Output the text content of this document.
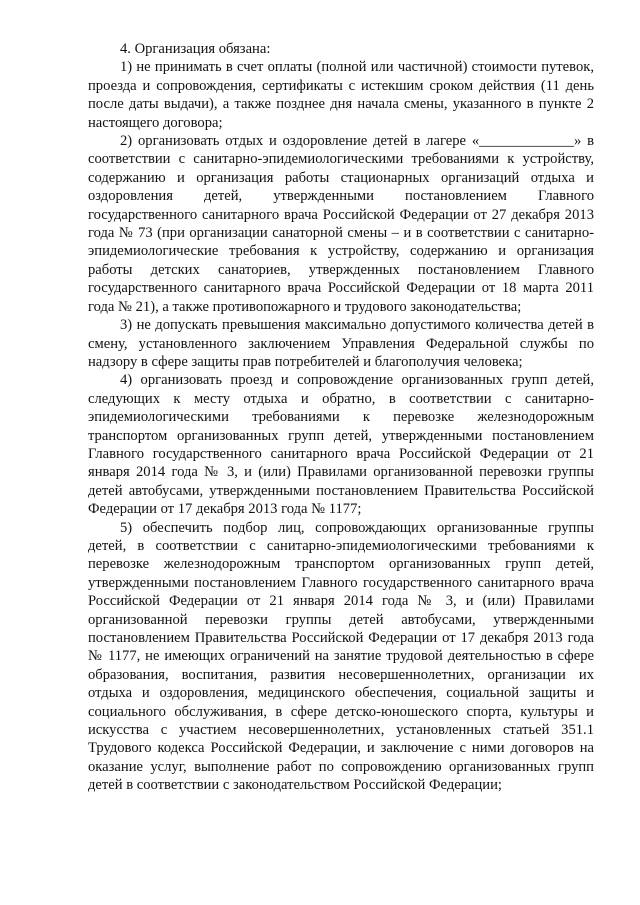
4. Организация обязана:

1) не принимать в счет оплаты (полной или частичной) стоимости путевок, проезда и сопровождения, сертификаты с истекшим сроком действия (11 день после даты выдачи), а также позднее дня начала смены, указанного в пункте 2 настоящего договора;

2) организовать отдых и оздоровление детей в лагере «_____________» в соответствии с санитарно-эпидемиологическими требованиями к устройству, содержанию и организация работы стационарных организаций отдыха и оздоровления детей, утвержденными постановлением Главного государственного санитарного врача Российской Федерации от 27 декабря 2013 года № 73 (при организации санаторной смены – и в соответствии с санитарно-эпидемиологические требования к устройству, содержанию и организация работы детских санаториев, утвержденных постановлением Главного государственного санитарного врача Российской Федерации от 18 марта 2011 года № 21), а также противопожарного и трудового законодательства;

3) не допускать превышения максимально допустимого количества детей в смену, установленного заключением Управления Федеральной службы по надзору в сфере защиты прав потребителей и благополучия человека;

4) организовать проезд и сопровождение организованных групп детей, следующих к месту отдыха и обратно, в соответствии с санитарно-эпидемиологическими требованиями к перевозке железнодорожным транспортом организованных групп детей, утвержденными постановлением Главного государственного санитарного врача Российской Федерации от 21 января 2014 года № 3, и (или) Правилами организованной перевозки группы детей автобусами, утвержденными постановлением Правительства Российской Федерации от 17 декабря 2013 года № 1177;

5) обеспечить подбор лиц, сопровождающих организованные группы детей, в соответствии с санитарно-эпидемиологическими требованиями к перевозке железнодорожным транспортом организованных групп детей, утвержденными постановлением Главного государственного санитарного врача Российской Федерации от 21 января 2014 года № 3, и (или) Правилами организованной перевозки группы детей автобусами, утвержденными постановлением Правительства Российской Федерации от 17 декабря 2013 года № 1177, не имеющих ограничений на занятие трудовой деятельностью в сфере образования, воспитания, развития несовершеннолетних, организации их отдыха и оздоровления, медицинского обеспечения, социальной защиты и социального обслуживания, в сфере детско-юношеского спорта, культуры и искусства с участием несовершеннолетних, установленных статьей 351.1 Трудового кодекса Российской Федерации, и заключение с ними договоров на оказание услуг, выполнение работ по сопровождению организованных групп детей в соответствии с законодательством Российской Федерации;
